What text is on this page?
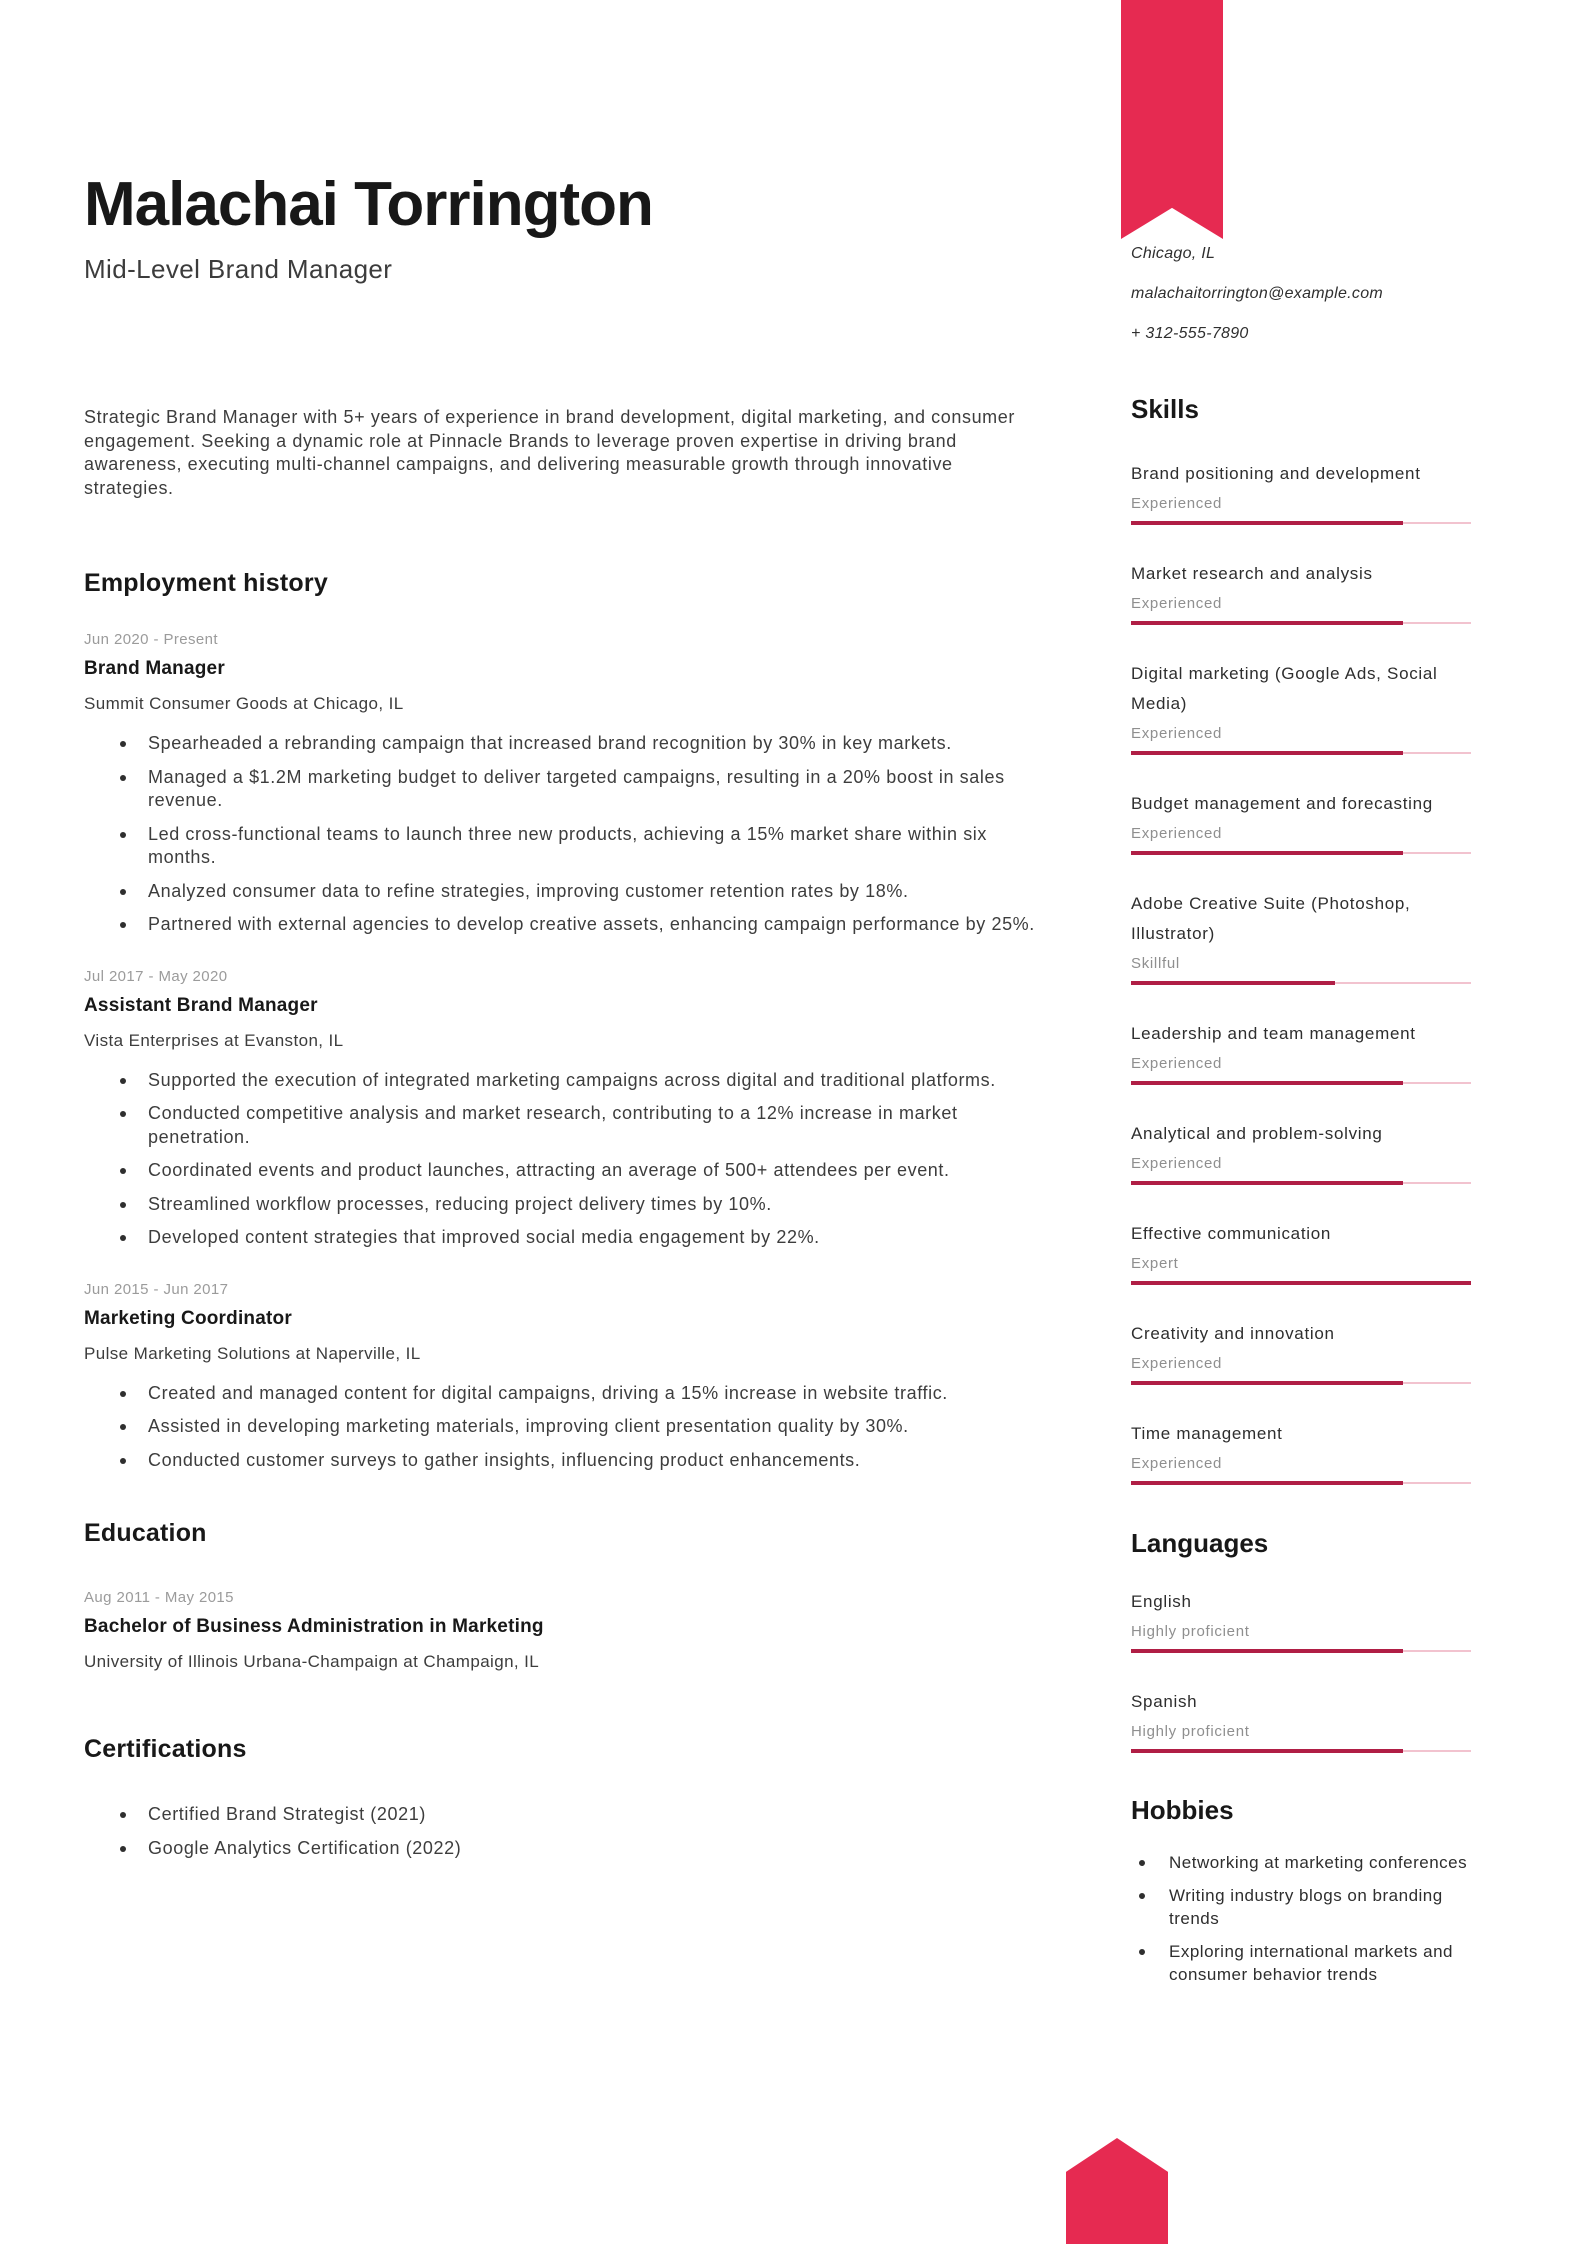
Malachai Torrington
Mid-Level Brand Manager

Strategic Brand Manager with 5+ years of experience in brand development, digital marketing, and consumer engagement. Seeking a dynamic role at Pinnacle Brands to leverage proven expertise in driving brand awareness, executing multi-channel campaigns, and delivering measurable growth through innovative strategies.

Employment history
Jun 2020 - Present
Brand Manager
Summit Consumer Goods at Chicago, IL
Spearheaded a rebranding campaign that increased brand recognition by 30% in key markets.
Managed a $1.2M marketing budget to deliver targeted campaigns, resulting in a 20% boost in sales revenue.
Led cross-functional teams to launch three new products, achieving a 15% market share within six months.
Analyzed consumer data to refine strategies, improving customer retention rates by 18%.
Partnered with external agencies to develop creative assets, enhancing campaign performance by 25%.
Jul 2017 - May 2020
Assistant Brand Manager
Vista Enterprises at Evanston, IL
Supported the execution of integrated marketing campaigns across digital and traditional platforms.
Conducted competitive analysis and market research, contributing to a 12% increase in market penetration.
Coordinated events and product launches, attracting an average of 500+ attendees per event.
Streamlined workflow processes, reducing project delivery times by 10%.
Developed content strategies that improved social media engagement by 22%.
Jun 2015 - Jun 2017
Marketing Coordinator
Pulse Marketing Solutions at Naperville, IL
Created and managed content for digital campaigns, driving a 15% increase in website traffic.
Assisted in developing marketing materials, improving client presentation quality by 30%.
Conducted customer surveys to gather insights, influencing product enhancements.
Education
Aug 2011 - May 2015
Bachelor of Business Administration in Marketing
University of Illinois Urbana-Champaign at Champaign, IL
Certifications
Certified Brand Strategist (2021)
Google Analytics Certification (2022)
Chicago, IL
malachaitorrington@example.com
+ 312-555-7890
Skills
Brand positioning and development
Experienced
Market research and analysis
Experienced
Digital marketing (Google Ads, Social Media)
Experienced
Budget management and forecasting
Experienced
Adobe Creative Suite (Photoshop, Illustrator)
Skillful
Leadership and team management
Experienced
Analytical and problem-solving
Experienced
Effective communication
Expert
Creativity and innovation
Experienced
Time management
Experienced
Languages
English
Highly proficient
Spanish
Highly proficient
Hobbies
Networking at marketing conferences
Writing industry blogs on branding trends
Exploring international markets and consumer behavior trends
